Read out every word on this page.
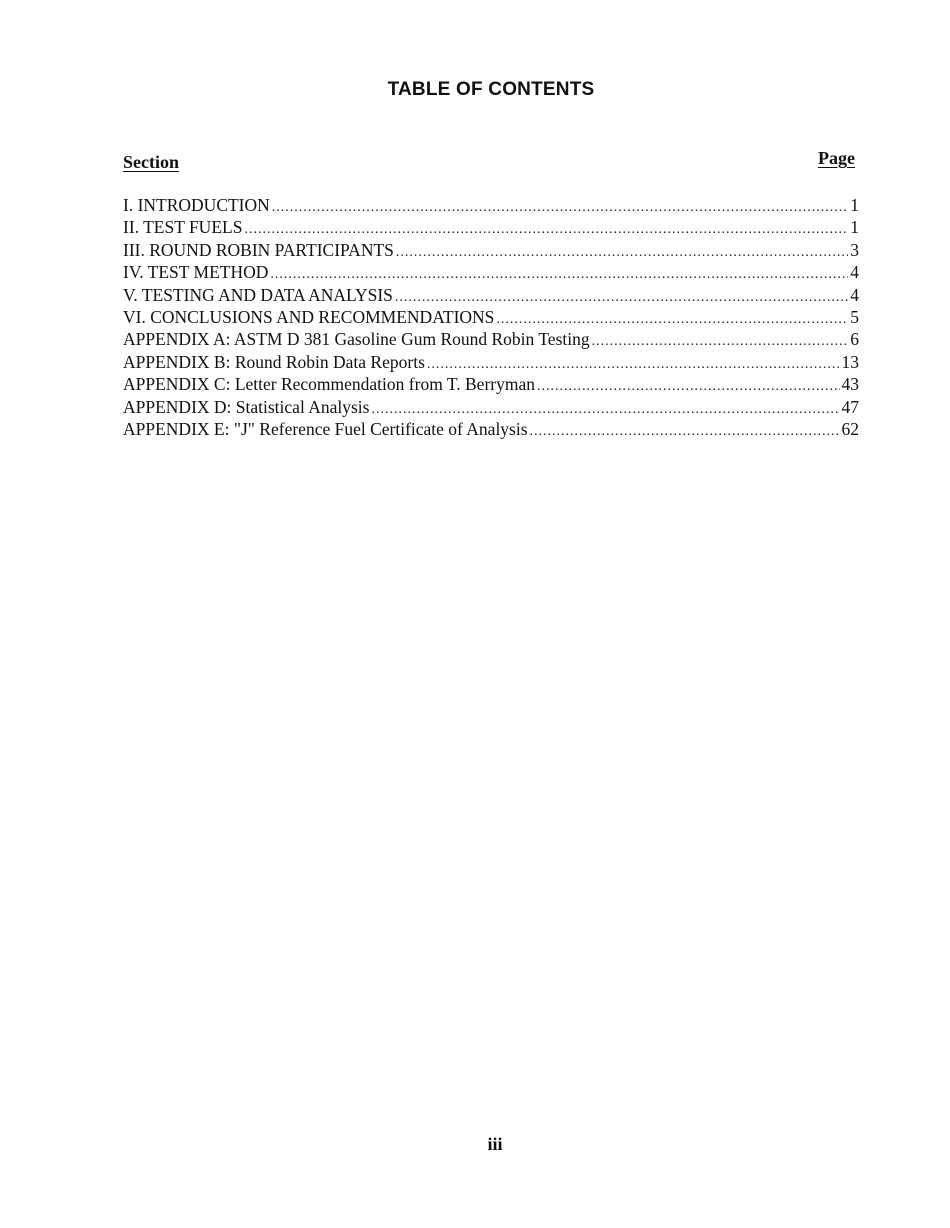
TABLE OF CONTENTS
Section	Page
I. INTRODUCTION .....	1
II. TEST FUELS .....	1
III. ROUND ROBIN PARTICIPANTS .....	3
IV. TEST METHOD .....	4
V. TESTING AND DATA ANALYSIS .....	4
VI. CONCLUSIONS AND RECOMMENDATIONS .....	5
APPENDIX A: ASTM D 381 Gasoline Gum Round Robin Testing .....	6
APPENDIX B: Round Robin Data Reports .....	13
APPENDIX C: Letter Recommendation from T. Berryman .....	43
APPENDIX D: Statistical Analysis .....	47
APPENDIX E: "J" Reference Fuel Certificate of Analysis .....	62
iii
